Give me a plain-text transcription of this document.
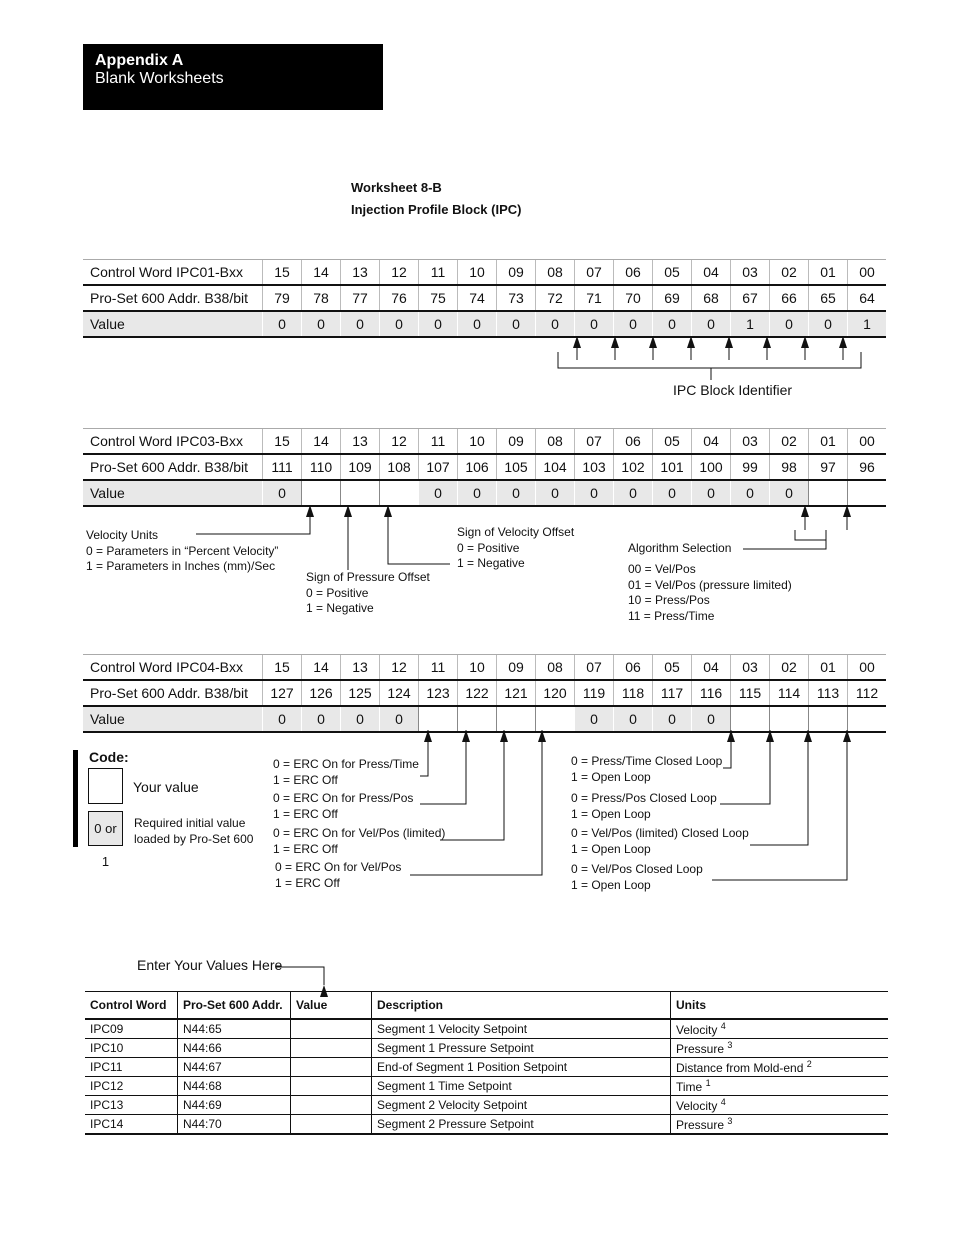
Appendix A
Blank Worksheets
Worksheet 8-B
Injection Profile Block (IPC)
Control Word IPC01-Bxx	15	14	13	12	11	10	09	08	07	06	05	04	03	02	01	00
Pro-Set 600 Addr. B38/bit	79	78	77	76	75	74	73	72	71	70	69	68	67	66	65	64
Value	0	0	0	0	0	0	0	0	0	0	0	0	1	0	0	1
Control Word IPC03-Bxx	15	14	13	12	11	10	09	08	07	06	05	04	03	02	01	00
Pro-Set 600 Addr. B38/bit	111	110	109	108	107	106	105	104	103	102	101	100	99	98	97	96
Value	0				0	0	0	0	0	0	0	0	0	0		
Control Word IPC04-Bxx	15	14	13	12	11	10	09	08	07	06	05	04	03	02	01	00
Pro-Set 600 Addr. B38/bit	127	126	125	124	123	122	121	120	119	118	117	116	115	114	113	112
Value	0	0	0	0					0	0	0	0				
IPC Block Identifier
Velocity Units
0 = Parameters in “Percent Velocity”
1 = Parameters in Inches (mm)/Sec
Sign of Pressure Offset
0 = Positive
1 = Negative
Sign of Velocity Offset
0 = Positive
1 = Negative
Algorithm Selection
00 = Vel/Pos
01 = Vel/Pos (pressure limited)
10 = Press/Pos
11 = Press/Time
0 = ERC On for Press/Time
1 = ERC Off
0 = ERC On for Press/Pos
1 = ERC Off
0 = ERC On for Vel/Pos (limited)
1 = ERC Off
0 = ERC On for Vel/Pos
1 = ERC Off
0 = Press/Time Closed Loop
1 = Open Loop
0 = Press/Pos Closed Loop
1 = Open Loop
0 = Vel/Pos (limited) Closed Loop
1 = Open Loop
0 = Vel/Pos Closed Loop
1 = Open Loop
Code:
Your value
0 or 1
Required initial value
loaded by Pro-Set 600
Enter Your Values Here
Control Word	Pro-Set 600 Addr.	Value	Description	Units
IPC09	N44:65		Segment 1 Velocity Setpoint	Velocity $^4$
IPC10	N44:66		Segment 1 Pressure Setpoint	Pressure $^3$
IPC11	N44:67		End-of Segment 1 Position Setpoint	Distance from Mold-end $^2$
IPC12	N44:68		Segment 1 Time Setpoint	Time $^1$
IPC13	N44:69		Segment 2 Velocity Setpoint	Velocity $^4$
IPC14	N44:70		Segment 2 Pressure Setpoint	Pressure $^3$
